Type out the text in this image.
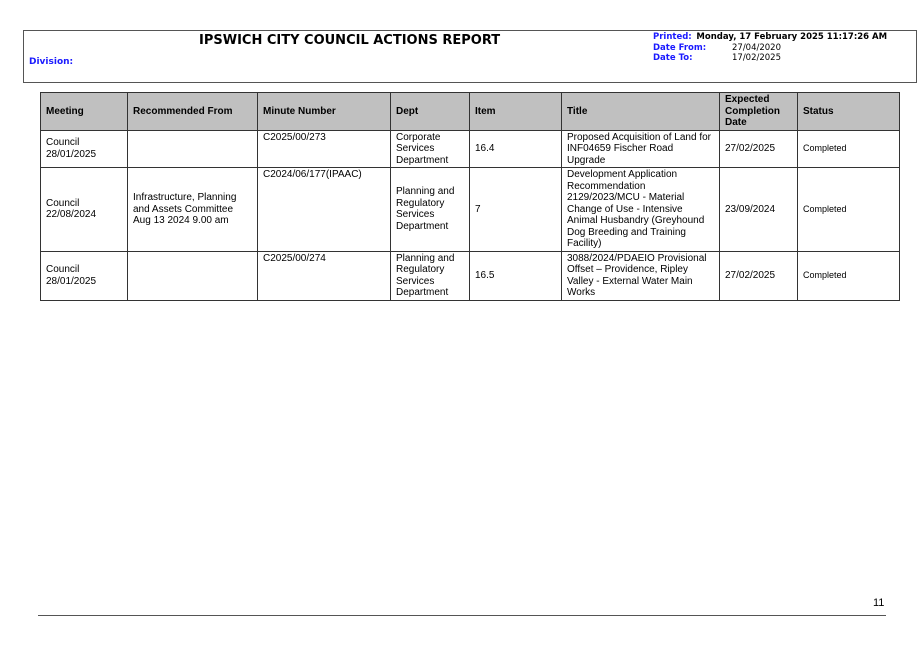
IPSWICH CITY COUNCIL ACTIONS REPORT
Division:
Printed: Monday, 17 February 2025 11:17:26 AM
Date From:	27/04/2020
Date To:	17/02/2025
Meeting	Recommended From	Minute Number	Dept	Item	Title	Expected Completion Date	Status
Council 28/01/2025		C2025/00/273	Corporate Services Department	16.4	Proposed Acquisition of Land for INF04659 Fischer Road Upgrade	27/02/2025	Completed
Council 22/08/2024	Infrastructure, Planning and Assets Committee Aug 13 2024 9.00 am	C2024/06/177(IPAAC)	Planning and Regulatory Services Department	7	Development Application Recommendation 2129/2023/MCU - Material Change of Use - Intensive Animal Husbandry (Greyhound Dog Breeding and Training Facility)	23/09/2024	Completed
Council 28/01/2025		C2025/00/274	Planning and Regulatory Services Department	16.5	3088/2024/PDAEIO Provisional Offset – Providence, Ripley Valley - External Water Main Works	27/02/2025	Completed
11
